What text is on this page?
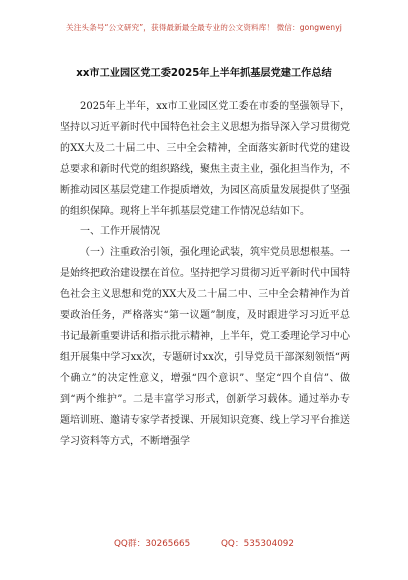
关注头条号“公文研究”，获得最新最全最专业的公文资料库！ 微信：gongwenyj
xx市工业园区党工委2025年上半年抓基层党建工作总结

2025年上半年，xx市工业园区党工委在市委的坚强领导下，坚持以习近平新时代中国特色社会主义思想为指导深入学习贯彻党的XX大及二十届二中、三中全会精神，全面落实新时代党的建设总要求和新时代党的组织路线，聚焦主责主业，强化担当作为，不断推动园区基层党建工作提质增效，为园区高质量发展提供了坚强的组织保障。现将上半年抓基层党建工作情况总结如下。

一、工作开展情况

（一）注重政治引领，强化理论武装，筑牢党员思想根基。一是始终把政治建设摆在首位。坚持把学习贯彻习近平新时代中国特色社会主义思想和党的XX大及二十届二中、三中全会精神作为首要政治任务，严格落实“第一议题”制度，及时跟进学习习近平总书记最新重要讲话和指示批示精神，上半年，党工委理论学习中心组开展集中学习xx次，专题研讨xx次，引导党员干部深刻领悟“两个确立”的决定性意义，增强“四个意识”、坚定“四个自信”、做到“两个维护”。二是丰富学习形式，创新学习载体。通过举办专题培训班、邀请专家学者授课、开展知识竞赛、线上学习平台推送学习资料等方式，不断增强学

QQ群：30265665	QQ：535304092
